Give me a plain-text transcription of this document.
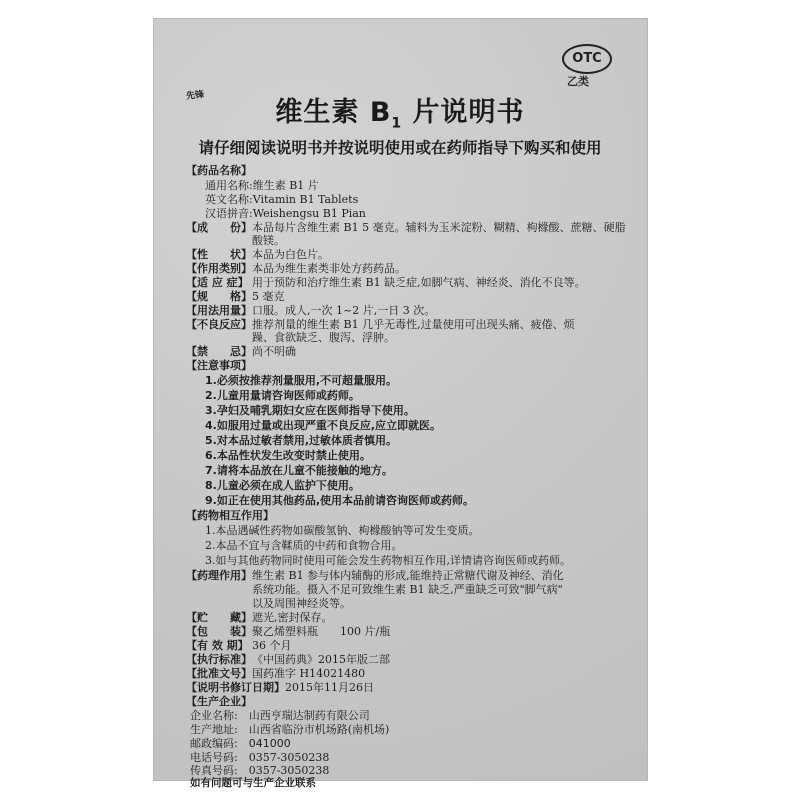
先锋
OTC
乙类
维生素 $B_1$ 片说明书
请仔细阅读说明书并按说明使用或在药师指导下购买和使用
【药品名称】
通用名称:维生素 B1 片
英文名称:Vitamin B1 Tablets
汉语拼音:Weishengsu B1 Pian
【成　　份】本品每片含维生素 B1 5 毫克。辅料为玉米淀粉、糊精、枸橼酸、蔗糖、硬脂
酸镁。
【性　　状】本品为白色片。
【作用类别】本品为维生素类非处方药药品。
【适 应 症】 用于预防和治疗维生素 B1 缺乏症,如脚气病、神经炎、消化不良等。
【规　　格】5 毫克
【用法用量】口服。成人,一次 1~2 片,一日 3 次。
【不良反应】推荐剂量的维生素 B1 几乎无毒性,过量使用可出现头痛、疲倦、烦
躁、食欲缺乏、腹泻、浮肿。
【禁　　忌】尚不明确
【注意事项】
1.必须按推荐剂量服用,不可超量服用。
2.儿童用量请咨询医师或药师。
3.孕妇及哺乳期妇女应在医师指导下使用。
4.如服用过量或出现严重不良反应,应立即就医。
5.对本品过敏者禁用,过敏体质者慎用。
6.本品性状发生改变时禁止使用。
7.请将本品放在儿童不能接触的地方。
8.儿童必须在成人监护下使用。
9.如正在使用其他药品,使用本品前请咨询医师或药师。
【药物相互作用】
1.本品遇碱性药物如碳酸氢钠、枸橼酸钠等可发生变质。
2.本品不宜与含鞣质的中药和食物合用。
3.如与其他药物同时使用可能会发生药物相互作用,详情请咨询医师或药师。
【药理作用】维生素 B1 参与体内辅酶的形成,能维持正常糖代谢及神经、消化
系统功能。摄入不足可致维生素 B1 缺乏,严重缺乏可致"脚气病"
以及周围神经炎等。
【贮　　藏】遮光,密封保存。
【包　　装】聚乙烯塑料瓶　　100 片/瓶
【有 效 期】 36 个月
【执行标准】《中国药典》2015年版二部
【批准文号】国药准字 H14021480
【说明书修订日期】2015年11月26日
【生产企业】
企业名称:　山西亨瑞达制药有限公司
生产地址:　山西省临汾市机场路(南机场)
邮政编码:　041000
电话号码:　0357-3050238
传真号码:　0357-3050238
如有问题可与生产企业联系
